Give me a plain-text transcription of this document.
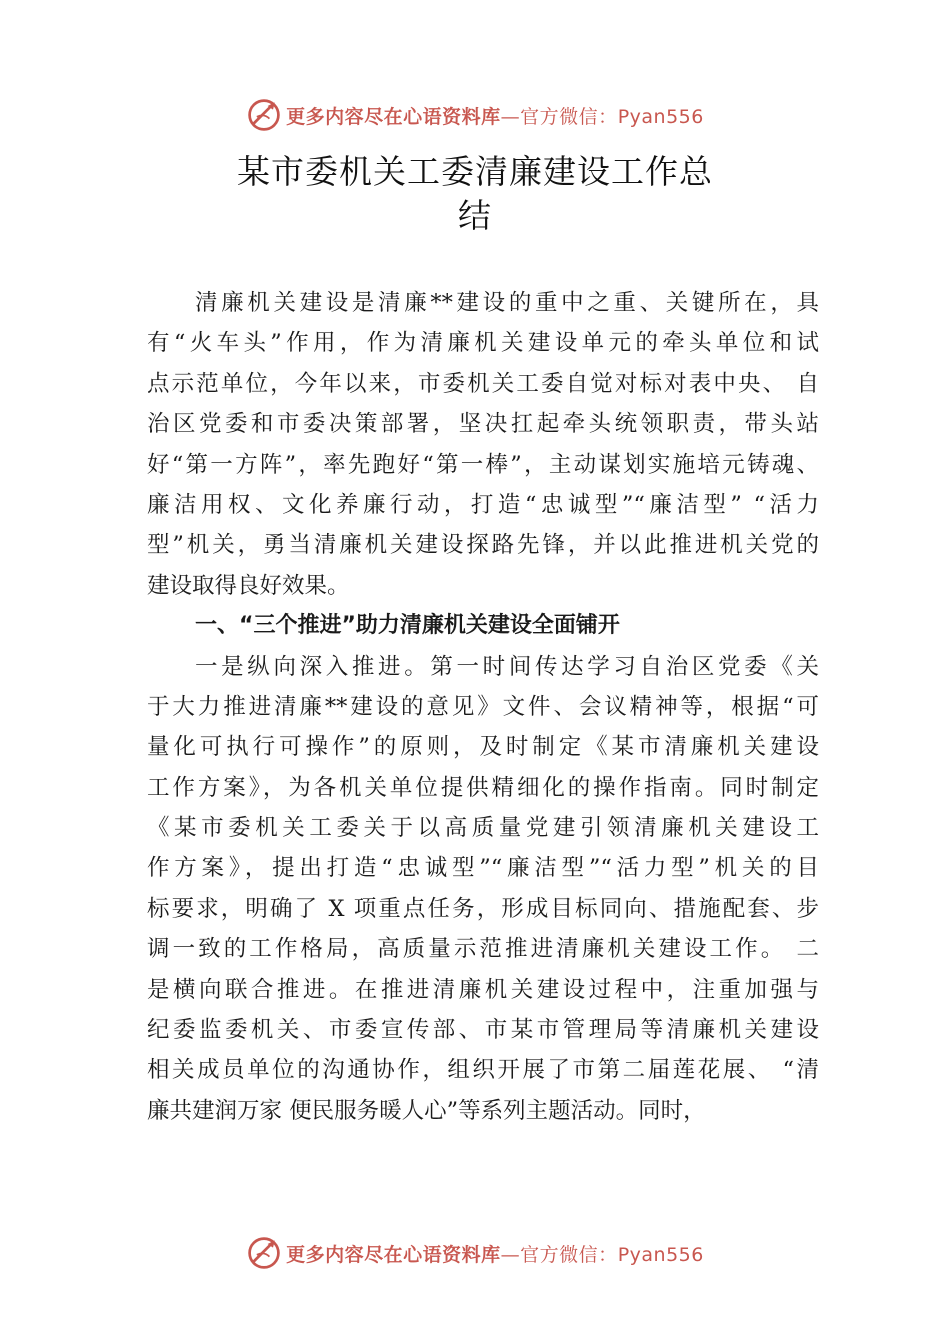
更多内容尽在心语资料库—官方微信：Pyan556
某市委机关工委清廉建设工作总
结
清廉机关建设是清廉**建设的重中之重、关键所在，具
有“火车头”作用，作为清廉机关建设单元的牵头单位和试
点示范单位，今年以来，市委机关工委自觉对标对表中央、 自
治区党委和市委决策部署，坚决扛起牵头统领职责，带头站
好“第一方阵”，率先跑好“第一棒”，主动谋划实施培元铸魂、
廉洁用权、文化养廉行动，打造“忠诚型”“廉洁型” “活力
型”机关，勇当清廉机关建设探路先锋，并以此推进机关党的
建设取得良好效果。
一、“三个推进”助力清廉机关建设全面铺开
一是纵向深入推进。第一时间传达学习自治区党委《关
于大力推进清廉**建设的意见》文件、会议精神等，根据“可
量化可执行可操作”的原则，及时制定《某市清廉机关建设
工作方案》，为各机关单位提供精细化的操作指南。同时制定
《某市委机关工委关于以高质量党建引领清廉机关建设工
作方案》，提出打造“忠诚型”“廉洁型”“活力型”机关的目
标要求，明确了 X 项重点任务，形成目标同向、措施配套、步
调一致的工作格局，高质量示范推进清廉机关建设工作。 二
是横向联合推进。在推进清廉机关建设过程中，注重加强与
纪委监委机关、市委宣传部、市某市管理局等清廉机关建设
相关成员单位的沟通协作，组织开展了市第二届莲花展、 “清
廉共建润万家 便民服务暖人心”等系列主题活动。同时，
更多内容尽在心语资料库—官方微信：Pyan556
